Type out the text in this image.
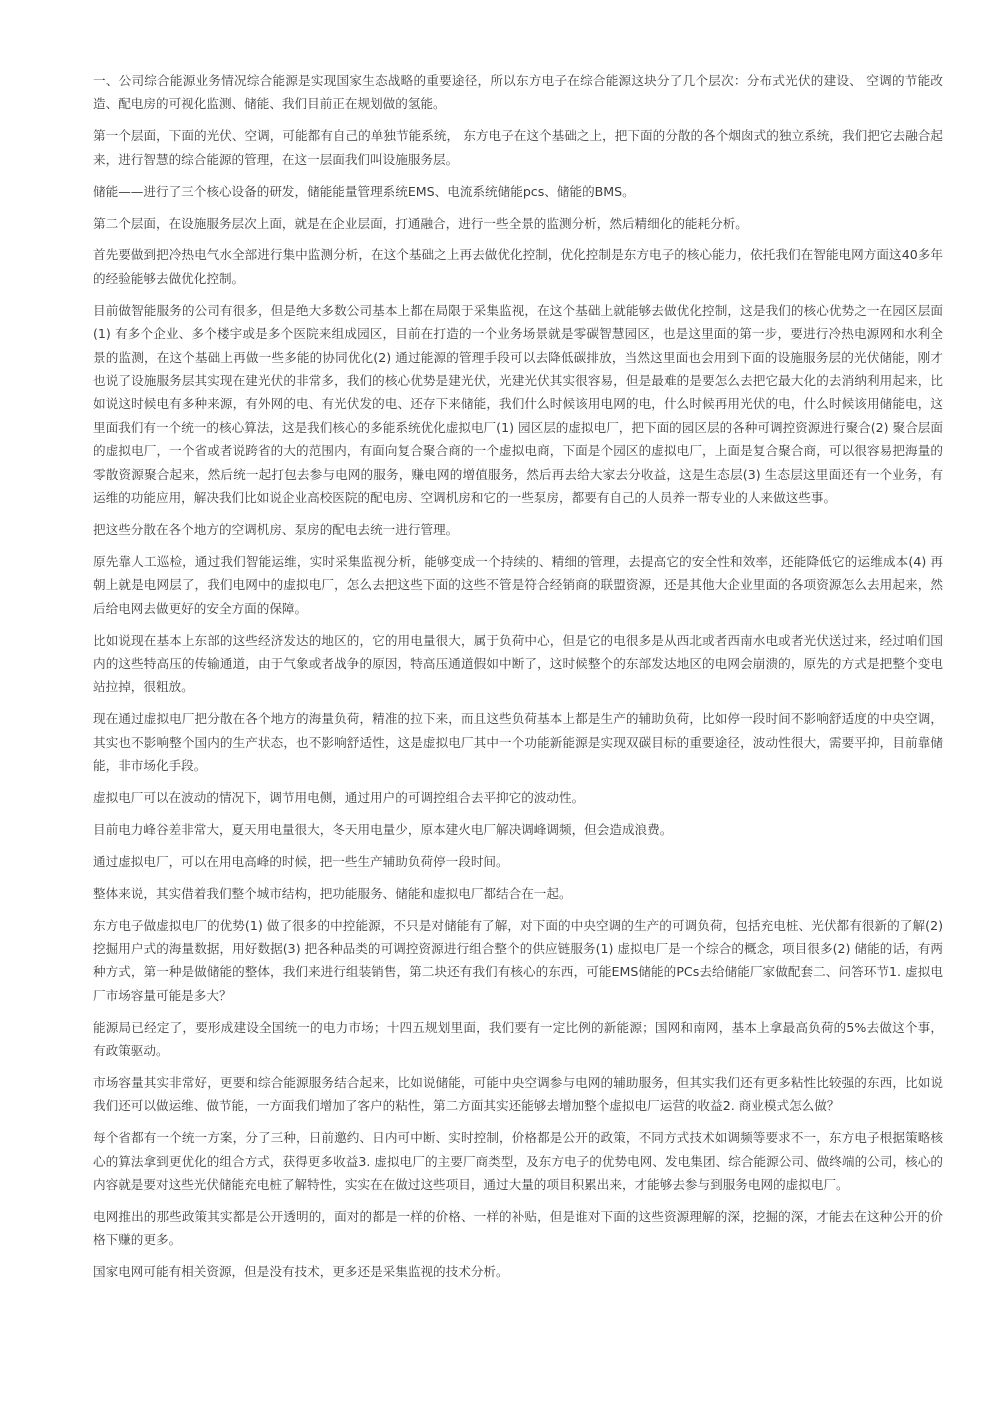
一、公司综合能源业务情况综合能源是实现国家生态战略的重要途径，所以东方电子在综合能源这块分了几个层次：分布式光伏的建设、 空调的节能改造、配电房的可视化监测、储能、我们目前正在规划做的氢能。

第一个层面，下面的光伏、空调，可能都有自己的单独节能系统， 东方电子在这个基础之上，把下面的分散的各个烟囱式的独立系统，我们把它去融合起来，进行智慧的综合能源的管理，在这一层面我们叫设施服务层。

储能——进行了三个核心设备的研发，储能能量管理系统EMS、电流系统储能pcs、储能的BMS。

第二个层面，在设施服务层次上面，就是在企业层面，打通融合，进行一些全景的监测分析，然后精细化的能耗分析。

首先要做到把冷热电气水全部进行集中监测分析，在这个基础之上再去做优化控制，优化控制是东方电子的核心能力，依托我们在智能电网方面这40多年的经验能够去做优化控制。

目前做智能服务的公司有很多，但是绝大多数公司基本上都在局限于采集监视，在这个基础上就能够去做优化控制，这是我们的核心优势之一在园区层面(1) 有多个企业、多个楼宇或是多个医院来组成园区，目前在打造的一个业务场景就是零碳智慧园区，也是这里面的第一步，要进行冷热电源网和水利全景的监测，在这个基础上再做一些多能的协同优化(2) 通过能源的管理手段可以去降低碳排放，当然这里面也会用到下面的设施服务层的光伏储能，刚才也说了设施服务层其实现在建光伏的非常多，我们的核心优势是建光伏，光建光伏其实很容易，但是最难的是要怎么去把它最大化的去消纳利用起来，比如说这时候电有多种来源，有外网的电、有光伏发的电、还存下来储能，我们什么时候该用电网的电，什么时候再用光伏的电，什么时候该用储能电，这里面我们有一个统一的核心算法，这是我们核心的多能系统优化虚拟电厂(1) 园区层的虚拟电厂，把下面的园区层的各种可调控资源进行聚合(2) 聚合层面的虚拟电厂，一个省或者说跨省的大的范围内，有面向复合聚合商的一个虚拟电商，下面是个园区的虚拟电厂，上面是复合聚合商，可以很容易把海量的零散资源聚合起来，然后统一起打包去参与电网的服务，赚电网的增值服务，然后再去给大家去分收益，这是生态层(3) 生态层这里面还有一个业务，有运维的功能应用，解决我们比如说企业高校医院的配电房、空调机房和它的一些泵房，都要有自己的人员养一帮专业的人来做这些事。

把这些分散在各个地方的空调机房、泵房的配电去统一进行管理。

原先靠人工巡检，通过我们智能运维，实时采集监视分析，能够变成一个持续的、精细的管理，去提高它的安全性和效率，还能降低它的运维成本(4) 再朝上就是电网层了，我们电网中的虚拟电厂，怎么去把这些下面的这些不管是符合经销商的联盟资源，还是其他大企业里面的各项资源怎么去用起来，然后给电网去做更好的安全方面的保障。

比如说现在基本上东部的这些经济发达的地区的，它的用电量很大，属于负荷中心，但是它的电很多是从西北或者西南水电或者光伏送过来，经过咱们国内的这些特高压的传输通道，由于气象或者战争的原因，特高压通道假如中断了，这时候整个的东部发达地区的电网会崩溃的，原先的方式是把整个变电站拉掉，很粗放。

现在通过虚拟电厂把分散在各个地方的海量负荷，精准的拉下来，而且这些负荷基本上都是生产的辅助负荷，比如停一段时间不影响舒适度的中央空调，其实也不影响整个国内的生产状态，也不影响舒适性，这是虚拟电厂其中一个功能新能源是实现双碳目标的重要途径，波动性很大，需要平抑，目前靠储能，非市场化手段。

虚拟电厂可以在波动的情况下，调节用电侧，通过用户的可调控组合去平抑它的波动性。

目前电力峰谷差非常大，夏天用电量很大，冬天用电量少，原本建火电厂解决调峰调频，但会造成浪费。

通过虚拟电厂，可以在用电高峰的时候，把一些生产辅助负荷停一段时间。

整体来说，其实借着我们整个城市结构，把功能服务、储能和虚拟电厂都结合在一起。

东方电子做虚拟电厂的优势(1) 做了很多的中控能源，不只是对储能有了解，对下面的中央空调的生产的可调负荷，包括充电桩、光伏都有很新的了解(2) 挖掘用户式的海量数据，用好数据(3) 把各种品类的可调控资源进行组合整个的供应链服务(1) 虚拟电厂是一个综合的概念，项目很多(2) 储能的话，有两种方式，第一种是做储能的整体，我们来进行组装销售，第二块还有我们有核心的东西，可能EMS储能的PCs去给储能厂家做配套二、问答环节1. 虚拟电厂市场容量可能是多大？

能源局已经定了，要形成建设全国统一的电力市场；十四五规划里面，我们要有一定比例的新能源；国网和南网，基本上拿最高负荷的5%去做这个事，有政策驱动。

市场容量其实非常好，更要和综合能源服务结合起来，比如说储能，可能中央空调参与电网的辅助服务，但其实我们还有更多粘性比较强的东西，比如说我们还可以做运维、做节能，一方面我们增加了客户的粘性，第二方面其实还能够去增加整个虚拟电厂运营的收益2. 商业模式怎么做？

每个省都有一个统一方案，分了三种，日前邀约、日内可中断、实时控制，价格都是公开的政策，不同方式技术如调频等要求不一，东方电子根据策略核心的算法拿到更优化的组合方式，获得更多收益3. 虚拟电厂的主要厂商类型，及东方电子的优势电网、发电集团、综合能源公司、做终端的公司，核心的内容就是要对这些光伏储能充电桩了解特性，实实在在做过这些项目，通过大量的项目积累出来，才能够去参与到服务电网的虚拟电厂。

电网推出的那些政策其实都是公开透明的，面对的都是一样的价格、一样的补贴，但是谁对下面的这些资源理解的深，挖掘的深，才能去在这种公开的价格下赚的更多。

国家电网可能有相关资源，但是没有技术，更多还是采集监视的技术分析。
